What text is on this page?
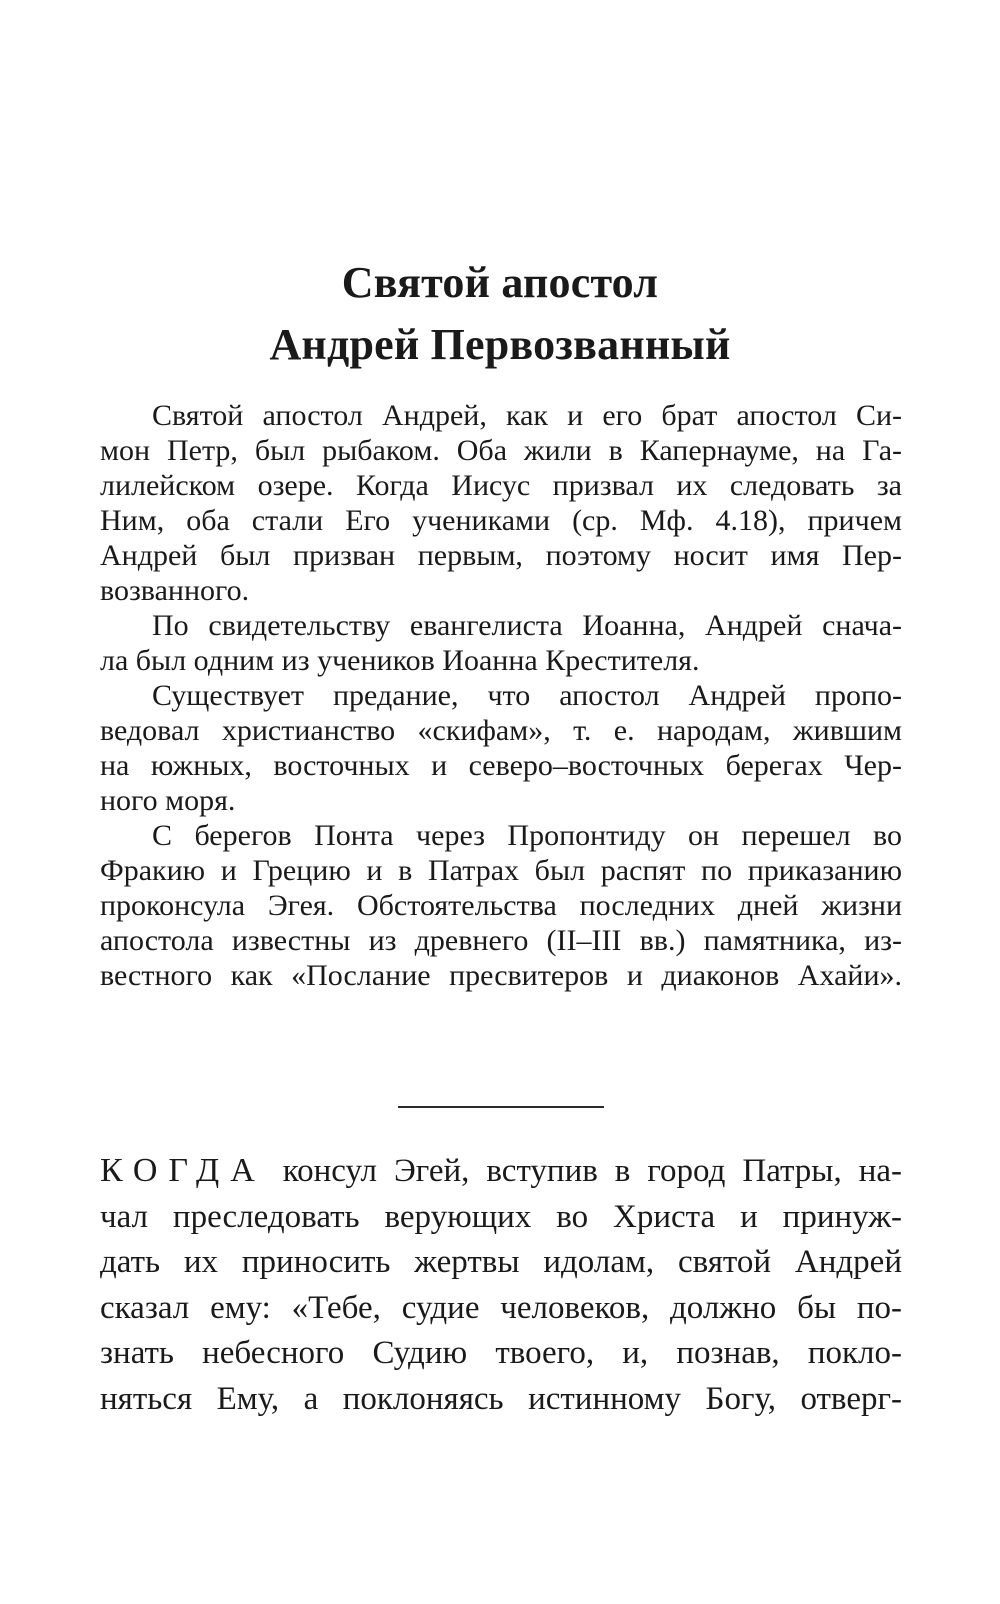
Святой апостол
Андрей Первозванный
Святой апостол Андрей, как и его брат апостол Си-
мон Петр, был рыбаком. Оба жили в Капернауме, на Га-
лилейском озере. Когда Иисус призвал их следовать за
Ним, оба стали Его учениками (ср. Мф. 4.18), причем
Андрей был призван первым, поэтому носит имя Пер-
возванного.
По свидетельству евангелиста Иоанна, Андрей снача-
ла был одним из учеников Иоанна Крестителя.
Существует предание, что апостол Андрей пропо-
ведовал христианство «скифам», т. е. народам, жившим
на южных, восточных и северо–восточных берегах Чер-
ного моря.
С берегов Понта через Пропонтиду он перешел во
Фракию и Грецию и в Патрах был распят по приказанию
проконсула Эгея. Обстоятельства последних дней жизни
апостола известны из древнего (II–III вв.) памятника, из-
вестного как «Послание пресвитеров и диаконов Ахайи».
КОГДА консул Эгей, вступив в город Патры, на-
чал преследовать верующих во Христа и принуж-
дать их приносить жертвы идолам, святой Андрей
сказал ему: «Тебе, судие человеков, должно бы по-
знать небесного Судию твоего, и, познав, покло-
няться Ему, а поклоняясь истинному Богу, отверг-
